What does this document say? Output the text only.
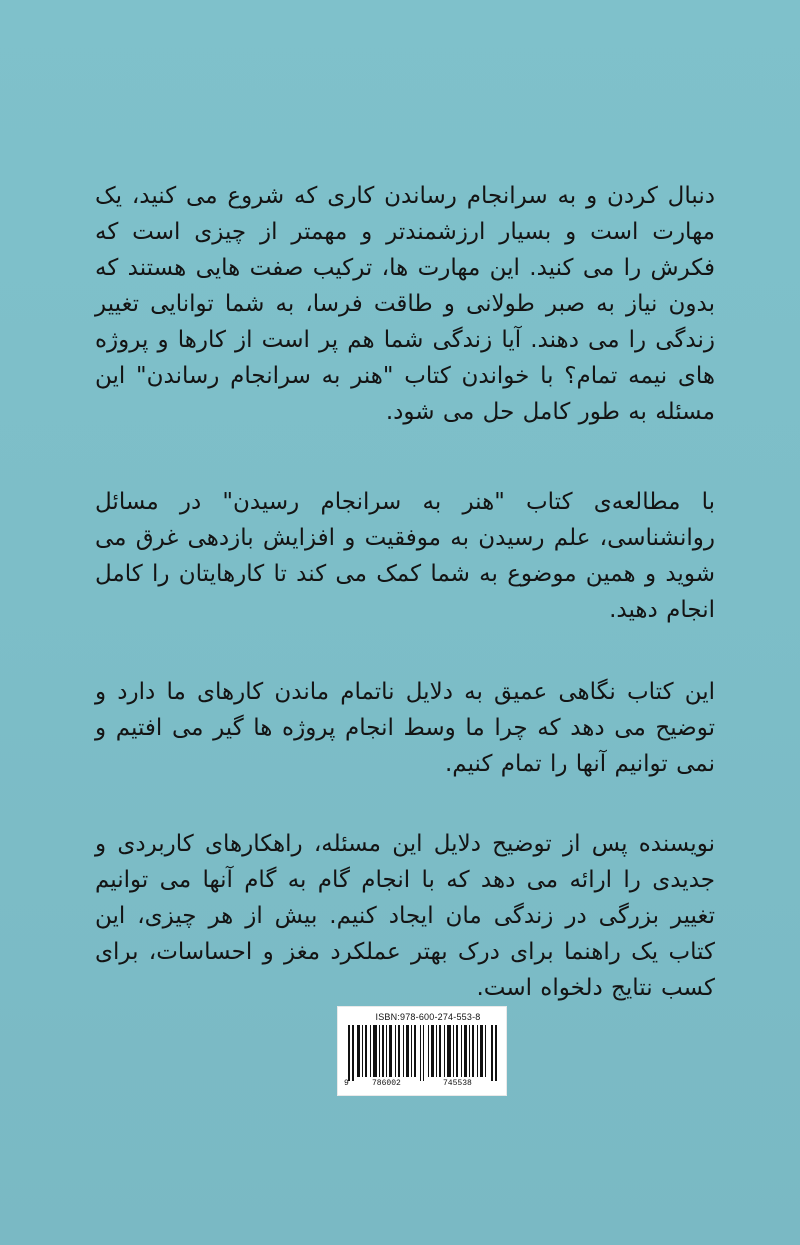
دنبال کردن و به سرانجام رساندن کاری که شروع می کنید، یک مهارت است و بسیار ارزشمندتر و مهمتر از چیزی است که فکرش را می کنید. این مهارت ها، ترکیب صفت هایی هستند که بدون نیاز به صبر طولانی و طاقت فرسا، به شما توانایی تغییر زندگی را می دهند. آیا زندگی شما هم پر است از کارها و پروژه های نیمه تمام؟ با خواندن کتاب "هنر به سرانجام رساندن" این مسئله به طور کامل حل می شود.

با مطالعه‌ی کتاب "هنر به سرانجام رسیدن" در مسائل روانشناسی، علم رسیدن به موفقیت و افزایش بازدهی غرق می شوید و همین موضوع به شما کمک می کند تا کارهایتان را کامل انجام دهید.

این کتاب نگاهی عمیق به دلایل ناتمام ماندن کارهای ما دارد و توضیح می دهد که چرا ما وسط انجام پروژه ها گیر می افتیم و نمی توانیم آنها را تمام کنیم.

نویسنده پس از توضیح دلایل این مسئله، راهکارهای کاربردی و جدیدی را ارائه می دهد که با انجام گام به گام آنها می توانیم تغییر بزرگی در زندگی مان ایجاد کنیم. بیش از هر چیزی، این کتاب یک راهنما برای درک بهتر عملکرد مغز و احساسات، برای کسب نتایج دلخواه است.

ISBN:978-600-274-553-8
9	786002	745538
